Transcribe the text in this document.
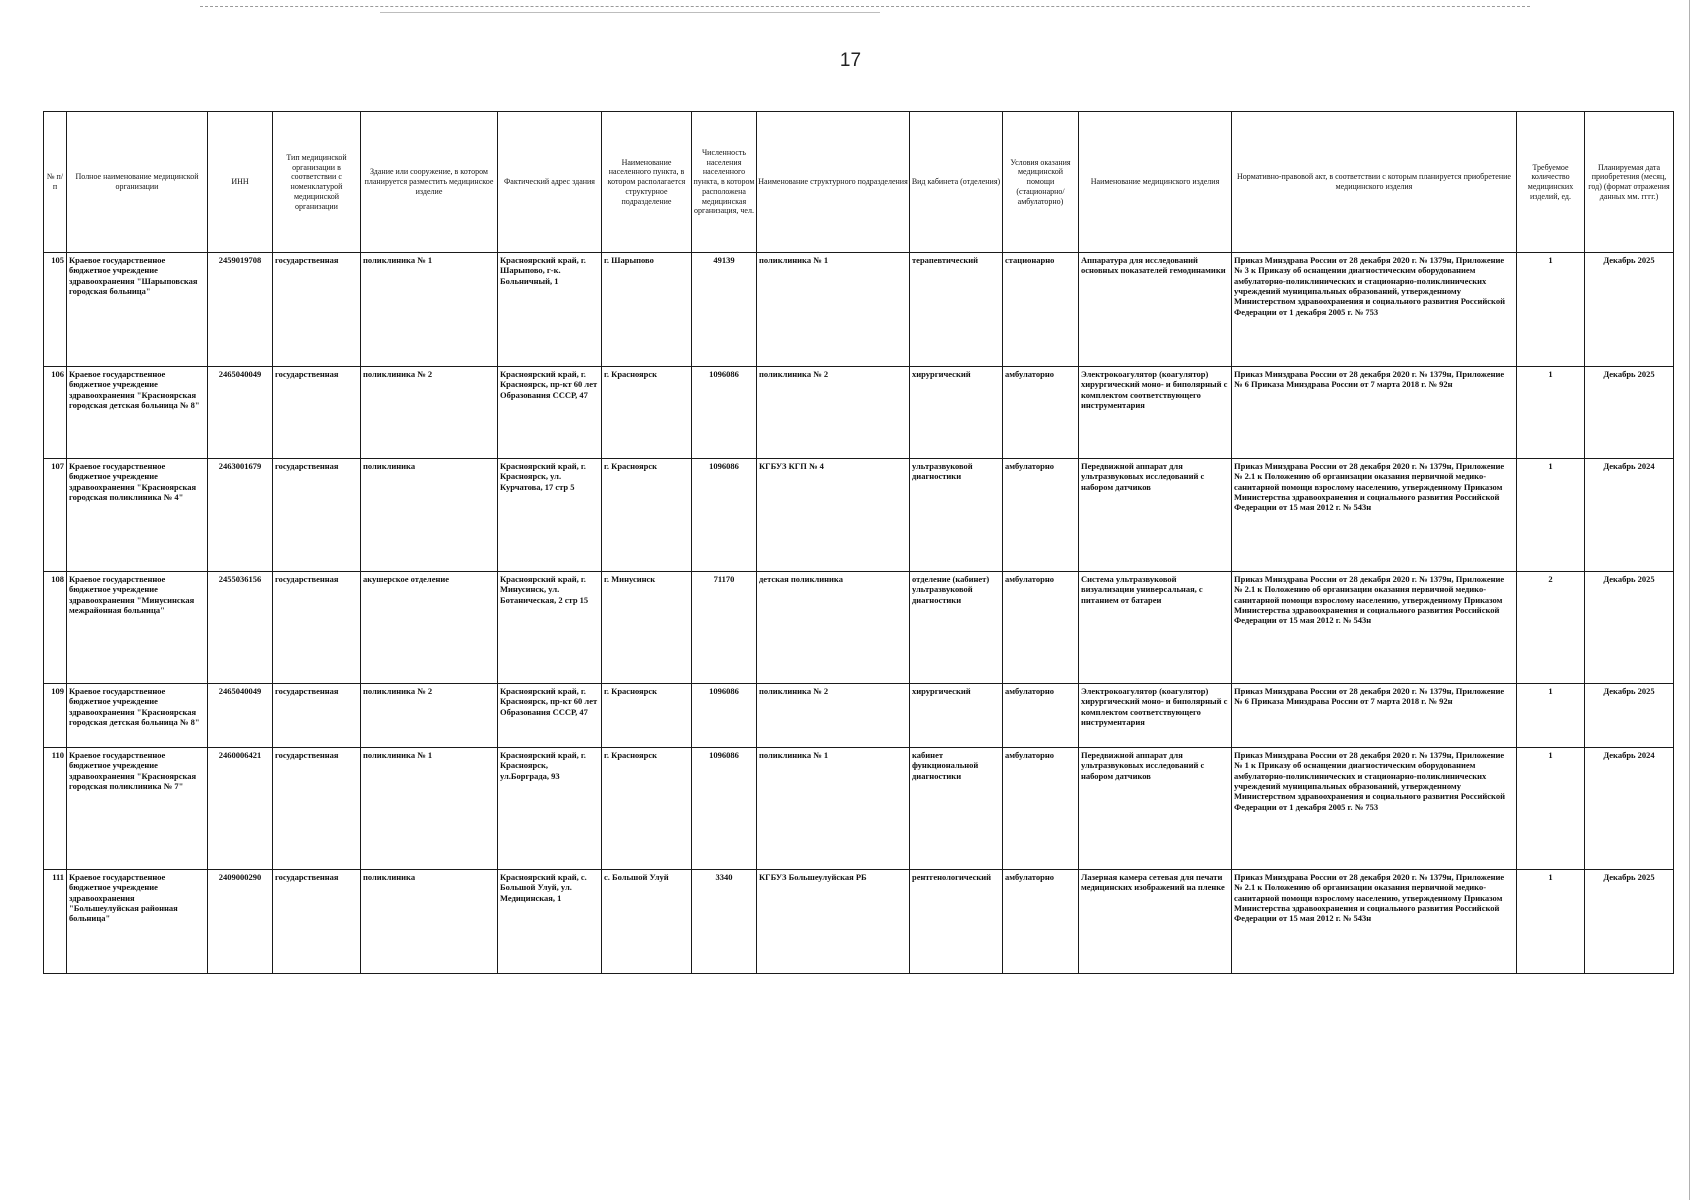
17
№ п/п	Полное наименование медицинской организации	ИНН	Тип медицинской организации в соответствии с номенклатурой медицинской организации	Здание или сооружение, в котором планируется разместить медицинское изделие	Фактический адрес здания	Наименование населенного пункта, в котором располагается структурное подразделение	Численность населения населенного пункта, в котором расположена медицинская организация, чел.	Наименование структурного подразделения	Вид кабинета (отделения)	Условия оказания медицинской помощи (стационарно/ амбулаторно)	Наименование медицинского изделия	Нормативно-правовой акт, в соответствии с которым планируется приобретение медицинского изделия	Требуемое количество медицинских изделий, ед.	Планируемая дата приобретения (месяц, год) (формат отражения данных мм. гггг.)
105	Краевое государственное бюджетное учреждение здравоохранения "Шарыповская городская больница"	2459019708	государственная	поликлиника № 1	Красноярский край, г. Шарыпово, г-к. Больничный, 1	г. Шарыпово	49139	поликлиника № 1	терапевтический	стационарно	Аппаратура для исследований основных показателей гемодинамики	Приказ Минздрава России от 28 декабря 2020 г. № 1379н, Приложение № 3 к Приказу об оснащении диагностическим оборудованием амбулаторно-поликлинических и стационарно-поликлинических учреждений муниципальных образований, утвержденному Министерством здравоохранения и социального развития Российской Федерации от 1 декабря 2005 г. № 753	1	Декабрь 2025
106	Краевое государственное бюджетное учреждение здравоохранения "Красноярская городская детская больница № 8"	2465040049	государственная	поликлиника № 2	Красноярский край, г. Красноярск, пр-кт 60 лет Образования СССР, 47	г. Красноярск	1096086	поликлиника № 2	хирургический	амбулаторно	Электрокоагулятор (коагулятор) хирургический моно- и биполярный с комплектом соответствующего инструментария	Приказ Минздрава России от 28 декабря 2020 г. № 1379н, Приложение № 6 Приказа Минздрава России от 7 марта 2018 г. № 92н	1	Декабрь 2025
107	Краевое государственное бюджетное учреждение здравоохранения "Красноярская городская поликлиника № 4"	2463001679	государственная	поликлиника	Красноярский край, г. Красноярск, ул. Курчатова, 17 стр 5	г. Красноярск	1096086	КГБУЗ КГП № 4	ультразвуковой диагностики	амбулаторно	Передвижной аппарат для ультразвуковых исследований с набором датчиков	Приказ Минздрава России от 28 декабря 2020 г. № 1379н, Приложение № 2.1 к Положению об организации оказания первичной медико-санитарной помощи взрослому населению, утвержденному Приказом Министерства здравоохранения и социального развития Российской Федерации от 15 мая 2012 г. № 543н	1	Декабрь 2024
108	Краевое государственное бюджетное учреждение здравоохранения "Минусинская межрайонная больница"	2455036156	государственная	акушерское отделение	Красноярский край, г. Минусинск, ул. Ботаническая, 2 стр 15	г. Минусинск	71170	детская поликлиника	отделение (кабинет) ультразвуковой диагностики	амбулаторно	Система ультразвуковой визуализации универсальная, с питанием от батареи	Приказ Минздрава России от 28 декабря 2020 г. № 1379н, Приложение № 2.1 к Положению об организации оказания первичной медико-санитарной помощи взрослому населению, утвержденному Приказом Министерства здравоохранения и социального развития Российской Федерации от 15 мая 2012 г. № 543н	2	Декабрь 2025
109	Краевое государственное бюджетное учреждение здравоохранения "Красноярская городская детская больница № 8"	2465040049	государственная	поликлиника № 2	Красноярский край, г. Красноярск, пр-кт 60 лет Образования СССР, 47	г. Красноярск	1096086	поликлиника № 2	хирургический	амбулаторно	Электрокоагулятор (коагулятор) хирургический моно- и биполярный с комплектом соответствующего инструментария	Приказ Минздрава России от 28 декабря 2020 г. № 1379н, Приложение № 6 Приказа Минздрава России от 7 марта 2018 г. № 92н	1	Декабрь 2025
110	Краевое государственное бюджетное учреждение здравоохранения "Красноярская городская поликлиника № 7"	2460006421	государственная	поликлиника № 1	Красноярский край, г. Красноярск, ул.Борграда, 93	г. Красноярск	1096086	поликлиника № 1	кабинет функциональной диагностики	амбулаторно	Передвижной аппарат для ультразвуковых исследований с набором датчиков	Приказ Минздрава России от 28 декабря 2020 г. № 1379н, Приложение № 1 к Приказу об оснащении диагностическим оборудованием амбулаторно-поликлинических и стационарно-поликлинических учреждений муниципальных образований, утвержденному Министерством здравоохранения и социального развития Российской Федерации от 1 декабря 2005 г. № 753	1	Декабрь 2024
111	Краевое государственное бюджетное учреждение здравоохранения "Большеулуйская районная больница"	2409000290	государственная	поликлиника	Красноярский край, с. Большой Улуй, ул. Медицинская, 1	с. Большой Улуй	3340	КГБУЗ Большеулуйская РБ	рентгенологический	амбулаторно	Лазерная камера сетевая для печати медицинских изображений на пленке	Приказ Минздрава России от 28 декабря 2020 г. № 1379н, Приложение № 2.1 к Положению об организации оказания первичной медико-санитарной помощи взрослому населению, утвержденному Приказом Министерства здравоохранения и социального развития Российской Федерации от 15 мая 2012 г. № 543н	1	Декабрь 2025
